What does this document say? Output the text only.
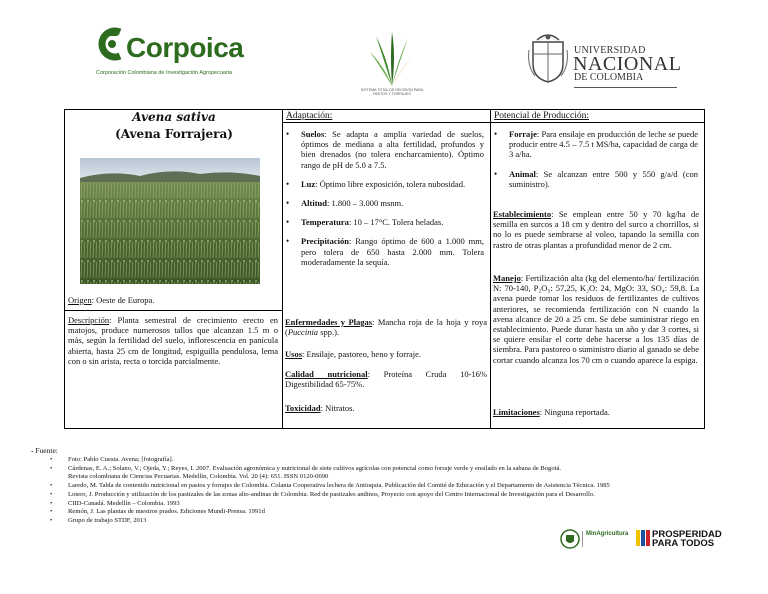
Corpoica
Corporación Colombiana de Investigación Agropecuaria
SISTEMA TOTAL DE DECISIÓN PARA PASTOS Y FORRAJES
UNIVERSIDAD
NACIONAL
DE COLOMBIA
Avena sativa
(Avena Forrajera)
Origen: Oeste de Europa.
Descripción: Planta semestral de crecimiento erecto en matojos, produce numerosos tallos que alcanzan 1.5 m o más, según la fertilidad del suelo, inflorescencia en panícula abierta, hasta 25 cm de longitud, espiguilla pendulosa, lema con o sin arista, recta o torcida parcialmente.
Adaptación:
• Suelos: Se adapta a amplia variedad de suelos, óptimos de mediana a alta fertilidad, profundos y bien drenados (no tolera encharcamiento). Óptimo rango de pH de 5.0 a 7.5.
• Luz: Óptimo libre exposición, tolera nubosidad.
• Altitud: 1.800 – 3.000 msnm.
• Temperatura: 10 – 17°C. Tolera heladas.
• Precipitación: Rango óptimo de 600 a 1.000 mm, pero tolera de 650 hasta 2.000 mm. Tolera moderadamente la sequía.
Enfermedades y Plagas: Mancha roja de la hoja y roya (Puccinia spp.).
Usos: Ensilaje, pastoreo, heno y forraje.
Calidad nutricional: Proteína Cruda 10-16% Digestibilidad 65-75%.
Toxicidad: Nitratos.
Potencial de Producción:
• Forraje: Para ensilaje en producción de leche se puede producir entre 4.5 – 7.5 t MS/ha, capacidad de carga de 3 a/ha.
• Animal: Se alcanzan entre 500 y 550 g/a/d (con suministro).
Establecimiento: Se emplean entre 50 y 70 kg/ha de semilla en surcos a 18 cm y dentro del surco a chorrillos, si no lo es puede sembrarse al voleo, tapando la semilla con rastro de otras plantas a profundidad menor de 2 cm.
Manejo: Fertilización alta (kg del elemento/ha/ fertilización N: 70-140, P₂O₅: 57,25, K₂O: 24, MgO: 33, SO₄: 59,8. La avena puede tomar los residuos de fertilizantes de cultivos anteriores, se recomienda fertilización con N cuando la avena alcance de 20 a 25 cm. Se debe suministrar riego en establecimiento. Puede durar hasta un año y dar 3 cortes, si se quiere ensilar el corte debe hacerse a los 135 días de siembra. Para pastoreo o suministro diario al ganado se debe cortar cuando alcanza los 70 cm o cuando aparece la espiga.
Limitaciones: Ninguna reportada.
- Fuente:
• Foto: Pablo Cuesta. Avena; [fotografía].
• Cárdenas, E. A.; Solano, V.; Ojeda, Y.; Reyes, I. 2007. Evaluación agronómica y nutricional de siete cultivos agrícolas con potencial como forraje verde y ensilado en la sabana de Bogotá. Revista colombiana de Ciencias Pecuarias. Medellín, Colombia. Vol. 20 (4): 651. ISSN 0120-0690
• Laredo, M. Tabla de contenido nutricional en pastos y forrajes de Colombia. Colanta Cooperativa lechera de Antioquia. Publicación del Comité de Educación y el Departamento de Asistencia Técnica. 1985
• Lotero, J. Producción y utilización de los pastizales de las zonas alto-andinas de Colombia. Red de pastizales andinos, Proyecto con apoyo del Centro Internacional de Investigación para el Desarrollo.
• CIID-Canadá. Medellín – Colombia. 1993
• Remón, J. Las plantas de nuestros prados. Ediciones Mundi-Prensa. 1991d
• Grupo de trabajo STDF, 2013
MinAgricultura PROSPERIDAD
PARA TODOS
